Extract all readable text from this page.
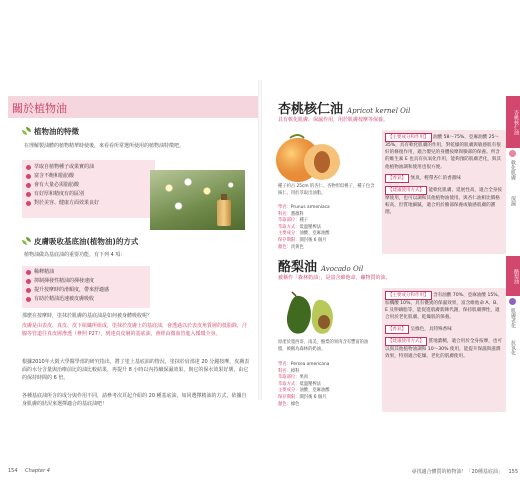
關於植物油
植物油的特徵
在理解製油體的植物精華時使後，來看看所常選所使用的植物油特徵吧。
萃取自植物種子或果實的油
富含不飽和脂肪酸
會有大量必需脂肪酸
有好厚和精度有的區別
對於美容、健康方面效果良好
皮膚吸收基底油(植物油)的方式
植物油做為基底油的重要功能，有下列 4 項：
稀釋精油
抑制揮發性精油的揮發速度
提升按摩時的滑順度，帶來舒適感
有助於精油迅速被皮膚吸收
那麼在按摩時，塗抹於肌膚的基底油是如何被身體吸收呢？
皮膚是由表皮、真皮、皮下組織所組成，塗抹於皮膚上的基底油，會透過以於表皮角質層的低脂除，汗腺等管道往真皮層滲透（參照 P27），到達真皮層的基底油，會經由微血管進入循環全身。
根據2010年大阪大學醫學部的研究指出，將了塗上基底油的情況，塗抹於肩部達 20 分鐘按摩，皮膚表面的水分含量與治療前比的油比較結果，再提升 8 小時以內持續保濕效果，與它的保水效果好壞，由它的保持時間的 6 倍。
各種基底油所含的成分與作用不同，請參考次頁起介紹的 20 種基底油，如同選擇精油的方式，依據自身肌膚的狀況來選擇適合的基底油吧！
154 Chapter 4
杏桃核仁油 Apricot kernel Oil
具有軟化肌膚、保濕作用，用於肌膚按摩等保養。
種子約占 25cm 的杏仁、杏物形似桃子，種子包含核仁，用於萃取出油脂。
學名：Prunus armeniaca
科名：薔薇科
萃取部位：種子
萃取方式：低溫壓榨法
主要成分：油酸、亞麻油酸
保存期限：開封後 6 個月
顏色：淡黃色
【主要成分和作用】 油酸 58～75%、亞麻油酸 25～35%，具有軟化肌膚的作用，對乾燥的肌膚與敏感肌有很好的修復作用，適合嬰兒的身體按摩與臉部的保養。所含的維生素 E 也具有抗氧化作用，能夠預防肌膚老化，與其他植物油調和使用也很方便。
【香氣】 無臭，輕帶杏仁的香甜味
【建議使用方式】 能軟化肌膚，延展性高，適合全身按摩使用，也可以調和其他植物油使用。與杏仁油相比價格較高，但質地細膩，適合用於臉部保養或敏感肌膚的護理。
酪梨油 Avocado Oil
被稱作「森林奶油」，是富含維他命、礦物質的油。
原產於墨西哥、南美，酪梨的果肉含有豐富的油脂，被稱為森林的奶油。
學名：Persea americana
科名：樟科
萃取部位：果肉
萃取方式：低溫壓榨法
主要成分：油酸、亞麻油酸
保存期限：開封後 6 個月
顏色：綠色
【主要成分和作用】 含有油酸 70%、亞麻油酸 15%、棕櫚酸 10%，具有優異的保濕效果，富含維他命 A、B、E 及卵磷脂等，能促進肌膚新陳代謝，保持肌膚彈性，適合用於老化肌膚、乾燥肌的保養。
【香氣】 呈綠色，具特殊香味
【建議使用方式】 質地濃稠，適合用於全身按摩，也可以與其他植物油調和 10～30% 使用，能提升保濕與滋潤效果，特別適合乾燥、老化的肌膚使用。
杏桃核仁油
軟化肌膚
保濕
酪梨油
肌膚老化
抗氧化
尋找適合體質的植物油！「20種基底油」 155
